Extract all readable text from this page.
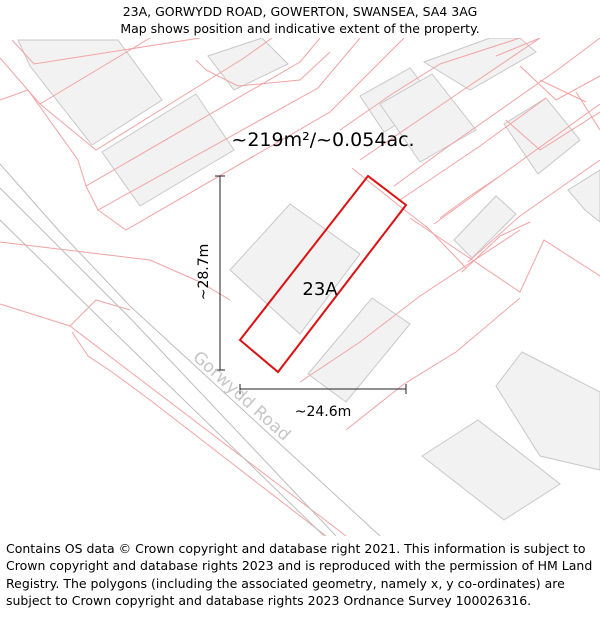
23A, GORWYDD ROAD, GOWERTON, SWANSEA, SA4 3AG
Map shows position and indicative extent of the property.
~219m²/~0.054ac.
23A
~28.7m
~24.6m
Gorwydd Road
Contains OS data © Crown copyright and database right 2021. This information is subject to Crown copyright and database rights 2023 and is reproduced with the permission of HM Land Registry. The polygons (including the associated geometry, namely x, y co-ordinates) are subject to Crown copyright and database rights 2023 Ordnance Survey 100026316.
